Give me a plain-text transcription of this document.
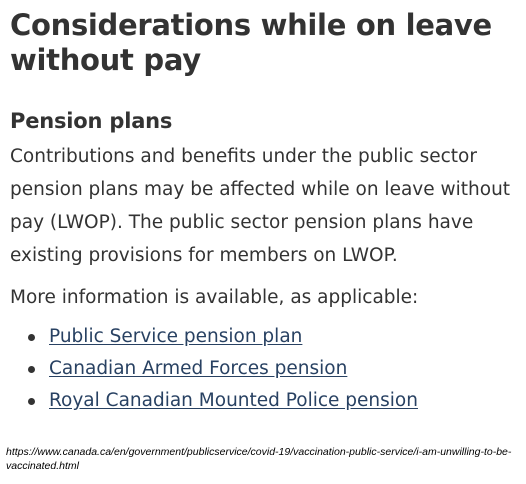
Considerations while on leave without pay
Pension plans

Contributions and benefits under the public sector pension plans may be affected while on leave without pay (LWOP). The public sector pension plans have existing provisions for members on LWOP.

More information is available, as applicable:

Public Service pension plan
Canadian Armed Forces pension
Royal Canadian Mounted Police pension
https://www.canada.ca/en/government/publicservice/covid-19/vaccination-public-service/i-am-unwilling-to-be-vaccinated.html
